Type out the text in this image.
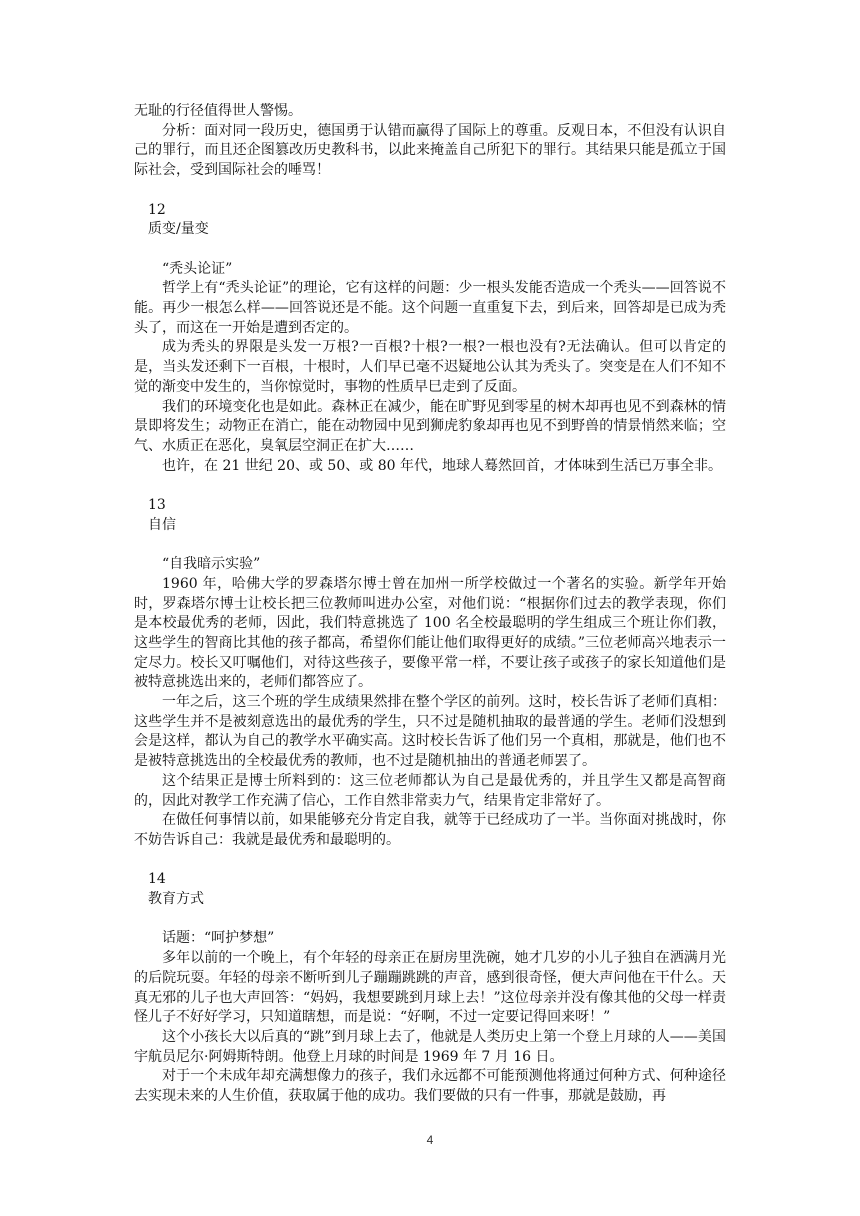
无耻的行径值得世人警惕。

分析：面对同一段历史，德国勇于认错而赢得了国际上的尊重。反观日本，不但没有认识自己的罪行，而且还企图篡改历史教科书，以此来掩盖自己所犯下的罪行。其结果只能是孤立于国际社会，受到国际社会的唾骂！

12

质变/量变

“秃头论证”

哲学上有“秃头论证”的理论，它有这样的问题：少一根头发能否造成一个秃头——回答说不能。再少一根怎么样——回答说还是不能。这个问题一直重复下去，到后来，回答却是已成为秃头了，而这在一开始是遭到否定的。

成为秃头的界限是头发一万根?一百根?十根?一根?一根也没有?无法确认。但可以肯定的是，当头发还剩下一百根，十根时，人们早已毫不迟疑地公认其为秃头了。突变是在人们不知不觉的渐变中发生的，当你惊觉时，事物的性质早巳走到了反面。

我们的环境变化也是如此。森林正在减少，能在旷野见到零星的树木却再也见不到森林的情景即将发生；动物正在消亡，能在动物园中见到狮虎豹象却再也见不到野兽的情景悄然来临；空气、水质正在恶化，臭氧层空洞正在扩大……

也许，在 21 世纪 20、或 50、或 80 年代，地球人蓦然回首，才体味到生活已万事全非。

13

自信

“自我暗示实验”

1960 年，哈佛大学的罗森塔尔博士曾在加州一所学校做过一个著名的实验。新学年开始时，罗森塔尔博士让校长把三位教师叫进办公室，对他们说：“根据你们过去的教学表现，你们是本校最优秀的老师，因此，我们特意挑选了 100 名全校最聪明的学生组成三个班让你们教，这些学生的智商比其他的孩子都高，希望你们能让他们取得更好的成绩。”三位老师高兴地表示一定尽力。校长又叮嘱他们，对待这些孩子，要像平常一样，不要让孩子或孩子的家长知道他们是被特意挑选出来的，老师们都答应了。

一年之后，这三个班的学生成绩果然排在整个学区的前列。这时，校长告诉了老师们真相：这些学生并不是被刻意选出的最优秀的学生，只不过是随机抽取的最普通的学生。老师们没想到会是这样，都认为自己的教学水平确实高。这时校长告诉了他们另一个真相，那就是，他们也不是被特意挑选出的全校最优秀的教师，也不过是随机抽出的普通老师罢了。

这个结果正是博士所料到的：这三位老师都认为自己是最优秀的，并且学生又都是高智商的，因此对教学工作充满了信心，工作自然非常卖力气，结果肯定非常好了。

在做任何事情以前，如果能够充分肯定自我，就等于已经成功了一半。当你面对挑战时，你不妨告诉自己：我就是最优秀和最聪明的。

14

教育方式

话题：“呵护梦想”

多年以前的一个晚上，有个年轻的母亲正在厨房里洗碗，她才几岁的小儿子独自在洒满月光的后院玩耍。年轻的母亲不断听到儿子蹦蹦跳跳的声音，感到很奇怪，便大声问他在干什么。天真无邪的儿子也大声回答：“妈妈，我想要跳到月球上去！”这位母亲并没有像其他的父母一样责怪儿子不好好学习，只知道瞎想，而是说：“好啊，不过一定要记得回来呀！”

这个小孩长大以后真的“跳”到月球上去了，他就是人类历史上第一个登上月球的人——美国宇航员尼尔·阿姆斯特朗。他登上月球的时间是 1969 年 7 月 16 日。

对于一个未成年却充满想像力的孩子，我们永远都不可能预测他将通过何种方式、何种途径去实现未来的人生价值，获取属于他的成功。我们要做的只有一件事，那就是鼓励，再

4
